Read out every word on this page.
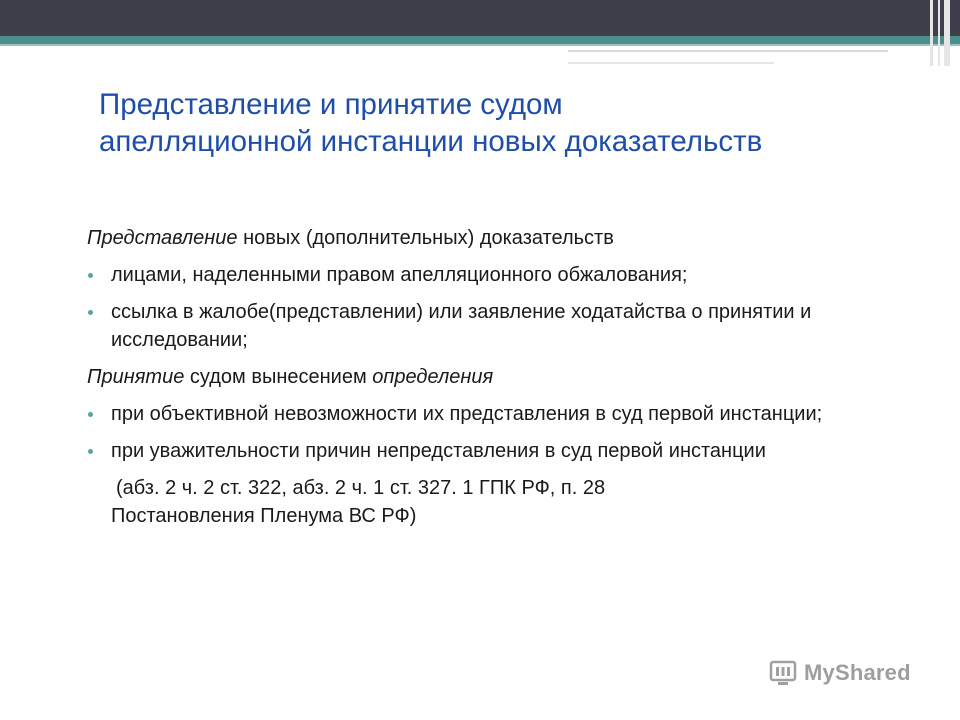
Представление и принятие судом
апелляционной инстанции новых доказательств

Представление новых (дополнительных) доказательств

лицами, наделенными правом апелляционного обжалования;
ссылка в жалобе(представлении) или заявление ходатайства о принятии и исследовании;

Принятие судом вынесением определения

при объективной невозможности их представления в суд первой инстанции;
при уважительности причин непредставления в суд первой инстанции

(абз. 2 ч. 2 ст. 322, абз. 2 ч. 1 ст. 327. 1 ГПК РФ, п. 28
Постановления Пленума ВС РФ)

MyShared
